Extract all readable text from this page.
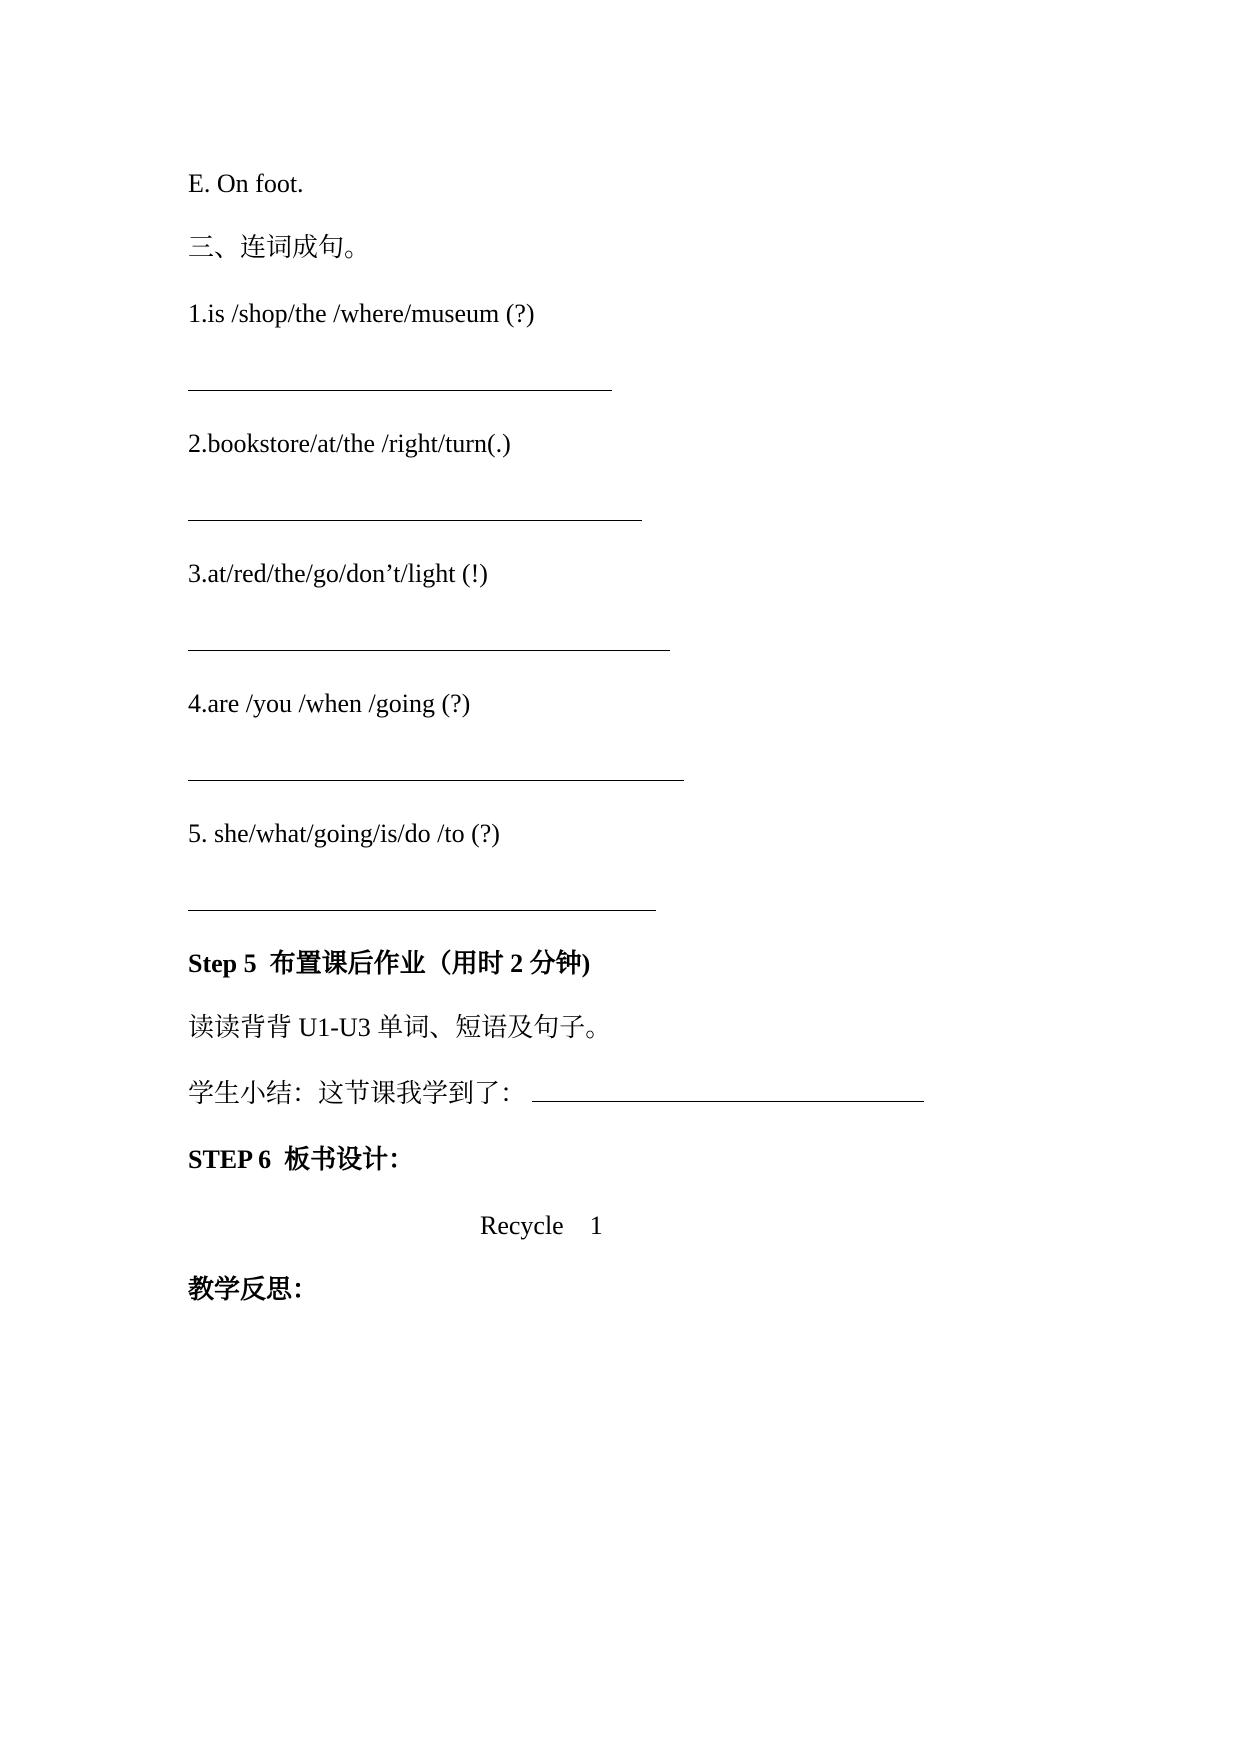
E. On foot.
三、连词成句。
1.is /shop/the /where/museum (?)
2.bookstore/at/the /right/turn(.)
3.at/red/the/go/don’t/light (!)
4.are /you /when /going (?)
5. she/what/going/is/do /to (?)
Step 5  布置课后作业（用时 2 分钟)
读读背背 U1-U3 单词、短语及句子。
学生小结：这节课我学到了：
STEP 6  板书设计：
Recycle    1
教学反思：
